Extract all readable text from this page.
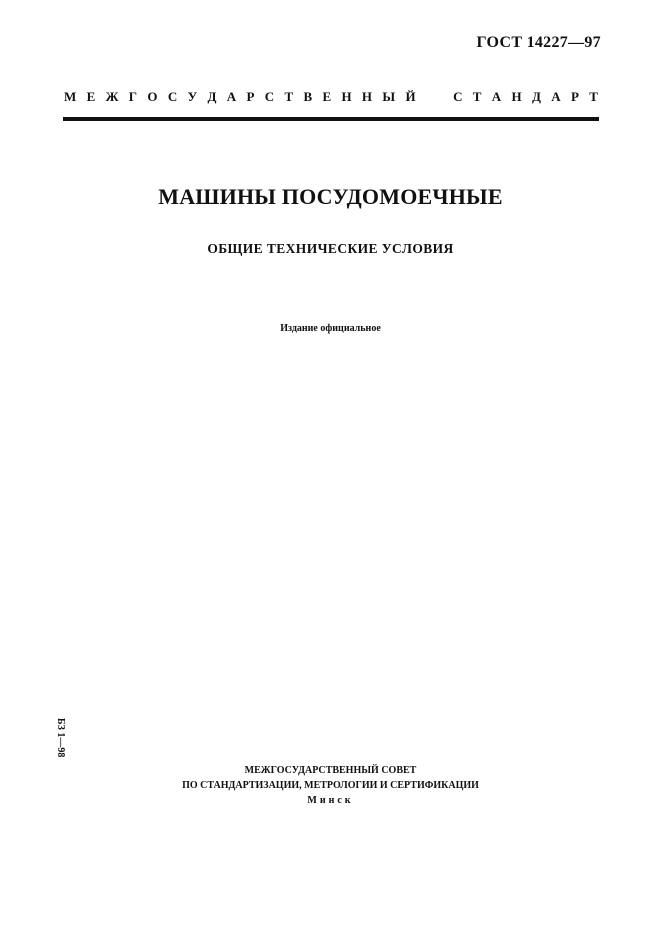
ГОСТ 14227—97
М Е Ж Г О С У Д А Р С Т В Е Н Н Ы Й

	С Т А Н Д А Р Т
МАШИНЫ ПОСУДОМОЕЧНЫЕ
ОБЩИЕ ТЕХНИЧЕСКИЕ УСЛОВИЯ
Издание официальное
БЗ 1—98
МЕЖГОСУДАРСТВЕННЫЙ СОВЕТ
ПО СТАНДАРТИЗАЦИИ, МЕТРОЛОГИИ И СЕРТИФИКАЦИИ
Минск
